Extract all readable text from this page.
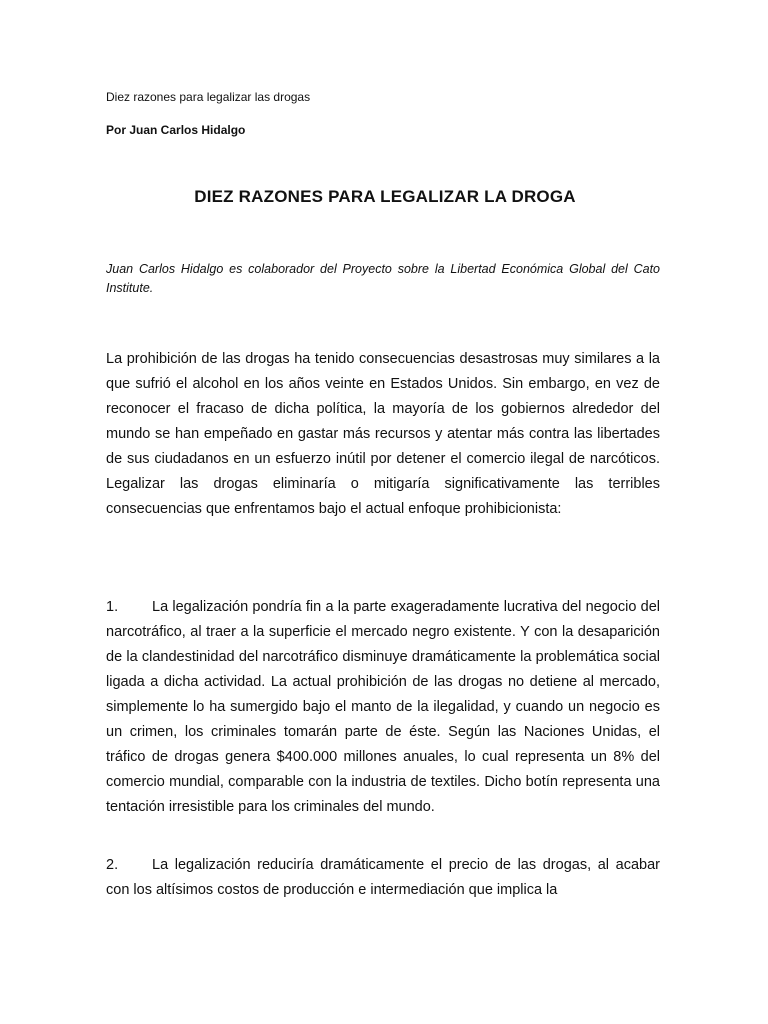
Diez razones para legalizar las drogas
Por Juan Carlos Hidalgo
DIEZ RAZONES PARA LEGALIZAR LA DROGA
Juan Carlos Hidalgo es colaborador del Proyecto sobre la Libertad Económica Global del Cato Institute.
La prohibición de las drogas ha tenido consecuencias desastrosas muy similares a la que sufrió el alcohol en los años veinte en Estados Unidos. Sin embargo, en vez de reconocer el fracaso de dicha política, la mayoría de los gobiernos alrededor del mundo se han empeñado en gastar más recursos y atentar más contra las libertades de sus ciudadanos en un esfuerzo inútil por detener el comercio ilegal de narcóticos. Legalizar las drogas eliminaría o mitigaría significativamente las terribles consecuencias que enfrentamos bajo el actual enfoque prohibicionista:
1. La legalización pondría fin a la parte exageradamente lucrativa del negocio del narcotráfico, al traer a la superficie el mercado negro existente. Y con la desaparición de la clandestinidad del narcotráfico disminuye dramáticamente la problemática social ligada a dicha actividad. La actual prohibición de las drogas no detiene al mercado, simplemente lo ha sumergido bajo el manto de la ilegalidad, y cuando un negocio es un crimen, los criminales tomarán parte de éste. Según las Naciones Unidas, el tráfico de drogas genera $400.000 millones anuales, lo cual representa un 8% del comercio mundial, comparable con la industria de textiles. Dicho botín representa una tentación irresistible para los criminales del mundo.
2. La legalización reduciría dramáticamente el precio de las drogas, al acabar con los altísimos costos de producción e intermediación que implica la
